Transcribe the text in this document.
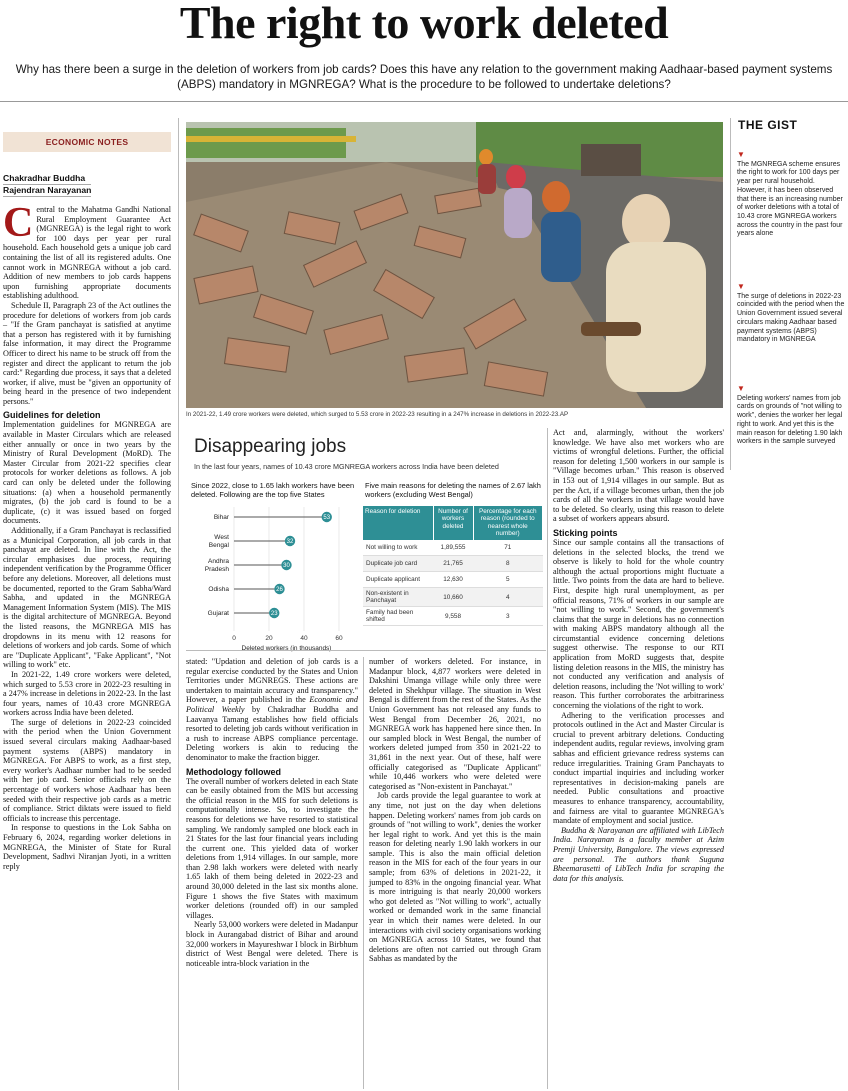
The right to work deleted
Why has there been a surge in the deletion of workers from job cards? Does this have any relation to the government making Aadhaar-based payment systems (ABPS) mandatory in MGNREGA? What is the procedure to be followed to undertake deletions?
ECONOMIC NOTES
Chakradhar Buddha
Rajendran Narayanan

Central to the Mahatma Gandhi National Rural Employment Guarantee Act (MGNREGA) is the legal right to work for 100 days per year per rural household. Each household gets a unique job card containing the list of all its registered adults. One cannot work in MGNREGA without a job card. Addition of new members to job cards happens upon furnishing appropriate documents establishing adulthood.

Schedule II, Paragraph 23 of the Act outlines the procedure for deletions of workers from job cards – "If the Gram panchayat is satisfied at anytime that a person has registered with it by furnishing false information, it may direct the Programme Officer to direct his name to be struck off from the register and direct the applicant to return the job card:" Regarding due process, it says that a deleted worker, if alive, must be "given an opportunity of being heard in the presence of two independent persons."

Guidelines for deletion

Implementation guidelines for MGNREGA are available in Master Circulars which are released either annually or once in two years by the Ministry of Rural Development (MoRD). The Master Circular from 2021-22 specifies clear protocols for worker deletions as follows. A job card can only be deleted under the following situations: (a) when a household permanently migrates, (b) the job card is found to be a duplicate, (c) it was issued based on forged documents.

Additionally, if a Gram Panchayat is reclassified as a Municipal Corporation, all job cards in that panchayat are deleted. In line with the Act, the circular emphasises due process, requiring independent verification by the Programme Officer before any deletions. Moreover, all deletions must be documented, reported to the Gram Sabha/Ward Sabha, and updated in the MGNREGA Management Information System (MIS). The MIS is the digital architecture of MGNREGA. Beyond the listed reasons, the MGNREGA MIS has dropdowns in its menu with 12 reasons for deletions of workers and job cards. Some of which are "Duplicate Applicant", "Fake Applicant", "Not willing to work" etc.

In 2021-22, 1.49 crore workers were deleted, which surged to 5.53 crore in 2022-23 resulting in a 247% increase in deletions in 2022-23. In the last four years, names of 10.43 crore MGNREGA workers across India have been deleted.

The surge of deletions in 2022-23 coincided with the period when the Union Government issued several circulars making Aadhaar-based payment systems (ABPS) mandatory in MGNREGA. For ABPS to work, as a first step, every worker's Aadhaar number had to be seeded with her job card. Senior officials rely on the percentage of workers whose Aadhaar has been seeded with their respective job cards as a metric of compliance. Strict diktats were issued to field officials to increase this percentage.

In response to questions in the Lok Sabha on February 6, 2024, regarding worker deletions in MGNREGA, the Minister of State for Rural Development, Sadhvi Niranjan Jyoti, in a written reply

In 2021-22, 1.49 crore workers were deleted, which surged to 5.53 crore in 2022-23 resulting in a 247% increase in deletions in 2022-23.AP
THE GIST
▼
The MGNREGA scheme ensures the right to work for 100 days per year per rural household. However, it has been observed that there is an increasing number of worker deletions with a total of 10.43 crore MGNREGA workers across the country in the past four years alone
▼
The surge of deletions in 2022-23 coincided with the period when the Union Government issued several circulars making Aadhaar based payment systems (ABPS) mandatory in MGNREGA
▼
Deleting workers' names from job cards on grounds of "not willing to work", denies the worker her legal right to work. And yet this is the main reason for deleting 1.90 lakh workers in the sample surveyed
Disappearing jobs
In the last four years, names of 10.43 crore MGNREGA workers across India have been deleted
Since 2022, close to 1.65 lakh workers have been deleted. Following are the top five States
0	20	40	60
Bihar	53
West
Bengal	32
Andhra
Pradesh	30
Odisha	26
Gujarat	23
Deleted workers (in thousands)
Five main reasons for deleting the names of 2.67 lakh workers (excluding West Bengal)
Reason for deletion	Number of workers deleted	Percentage for each reason (rounded to nearest whole number)
Not willing to work	1,89,555	71
Duplicate job card	21,765	8
Duplicate applicant	12,630	5
Non-existent in Panchayat	10,660	4
Family had been shifted	9,558	3

stated: "Updation and deletion of job cards is a regular exercise conducted by the States and Union Territories under MGNREGS. These actions are undertaken to maintain accuracy and transparency." However, a paper published in the Economic and Political Weekly by Chakradhar Buddha and Laavanya Tamang establishes how field officials resorted to deleting job cards without verification in a rush to increase ABPS compliance percentage. Deleting workers is akin to reducing the denominator to make the fraction bigger.

Methodology followed

The overall number of workers deleted in each State can be easily obtained from the MIS but accessing the official reason in the MIS for such deletions is computationally intense. So, to investigate the reasons for deletions we have resorted to statistical sampling. We randomly sampled one block each in 21 States for the last four financial years including the current one. This yielded data of worker deletions from 1,914 villages. In our sample, more than 2.98 lakh workers were deleted with nearly 1.65 lakh of them being deleted in 2022-23 and around 30,000 deleted in the last six months alone. Figure 1 shows the five States with maximum worker deletions (rounded off) in our sampled villages.

Nearly 53,000 workers were deleted in Madanpur block in Aurangabad district of Bihar and around 32,000 workers in Mayureshwar I block in Birbhum district of West Bengal were deleted. There is noticeable intra-block variation in the

number of workers deleted. For instance, in Madanpur block, 4,877 workers were deleted in Dakshini Umanga village while only three were deleted in Shekhpur village. The situation in West Bengal is different from the rest of the States. As the Union Government has not released any funds to West Bengal from December 26, 2021, no MGNREGA work has happened here since then. In our sampled block in West Bengal, the number of workers deleted jumped from 350 in 2021-22 to 31,861 in the next year. Out of these, half were officially categorised as "Duplicate Applicant" while 10,446 workers who were deleted were categorised as "Non-existent in Panchayat."

Job cards provide the legal guarantee to work at any time, not just on the day when deletions happen. Deleting workers' names from job cards on grounds of "not willing to work", denies the worker her legal right to work. And yet this is the main reason for deleting nearly 1.90 lakh workers in our sample. This is also the main official deletion reason in the MIS for each of the four years in our sample; from 63% of deletions in 2021-22, it jumped to 83% in the ongoing financial year. What is more intriguing is that nearly 20,000 workers who got deleted as "Not willing to work", actually worked or demanded work in the same financial year in which their names were deleted. In our interactions with civil society organisations working on MGNREGA across 10 States, we found that deletions are often not carried out through Gram Sabhas as mandated by the

Act and, alarmingly, without the workers' knowledge. We have also met workers who are victims of wrongful deletions. Further, the official reason for deleting 1,500 workers in our sample is "Village becomes urban." This reason is observed in 153 out of 1,914 villages in our sample. But as per the Act, if a village becomes urban, then the job cards of all the workers in that village would have to be deleted. So clearly, using this reason to delete a subset of workers appears absurd.

Sticking points

Since our sample contains all the transactions of deletions in the selected blocks, the trend we observe is likely to hold for the whole country although the actual proportions might fluctuate a little. Two points from the data are hard to believe. First, despite high rural unemployment, as per official reasons, 71% of workers in our sample are "not willing to work." Second, the government's claims that the surge in deletions has no connection with making ABPS mandatory although all the circumstantial evidence concerning deletions suggest otherwise. The response to our RTI application from MoRD suggests that, despite listing deletion reasons in the MIS, the ministry has not conducted any verification and analysis of deletion reasons, including the 'Not willing to work' reason. This further corroborates the arbitrariness concerning the violations of the right to work.

Adhering to the verification processes and protocols outlined in the Act and Master Circular is crucial to prevent arbitrary deletions. Conducting independent audits, regular reviews, involving gram sabhas and efficient grievance redress systems can reduce irregularities. Training Gram Panchayats to conduct impartial inquiries and including worker representatives in decision-making panels are needed. Public consultations and proactive measures to enhance transparency, accountability, and fairness are vital to guarantee MGNREGA's mandate of employment and social justice.

Buddha & Narayanan are affiliated with LibTech India. Narayanan is a faculty member at Azim Premji University, Bangalore. The views expressed are personal. The authors thank Suguna Bheemarasetti of LibTech India for scraping the data for this analysis.
